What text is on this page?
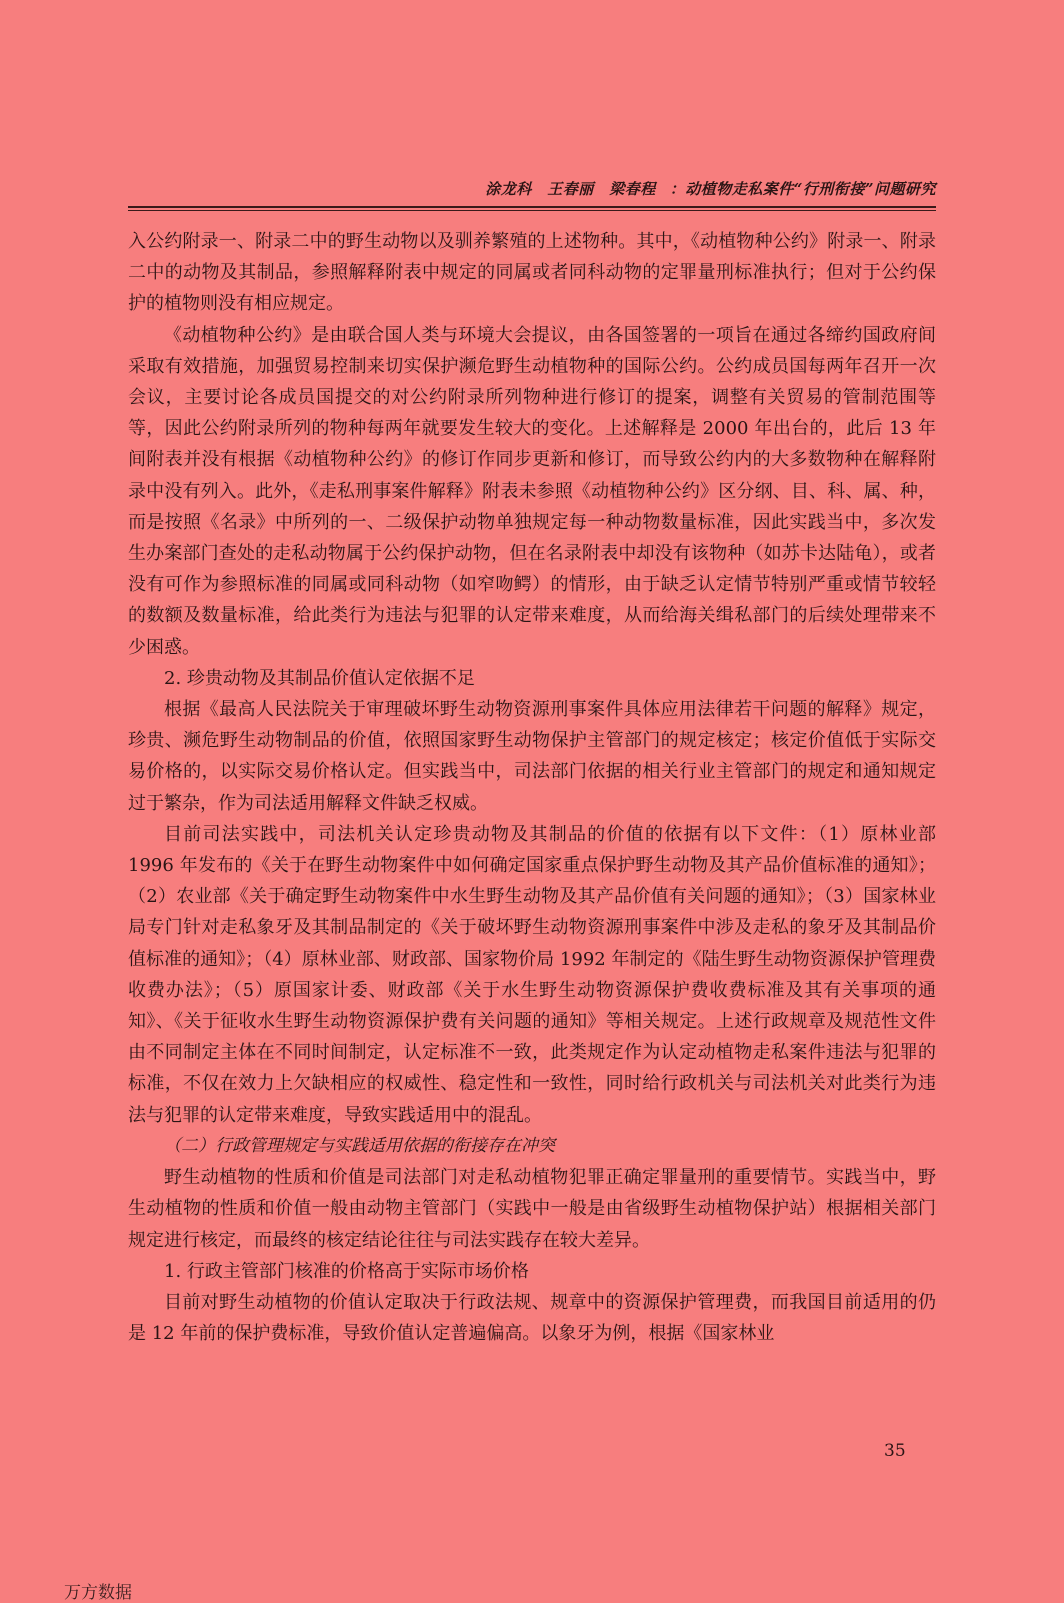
涂龙科　王春丽　梁春程 ：动植物走私案件“行刑衔接”问题研究

入公约附录一、附录二中的野生动物以及驯养繁殖的上述物种。其中，《动植物种公约》附录一、附录二中的动物及其制品，参照解释附表中规定的同属或者同科动物的定罪量刑标准执行；但对于公约保护的植物则没有相应规定。

《动植物种公约》是由联合国人类与环境大会提议，由各国签署的一项旨在通过各缔约国政府间采取有效措施，加强贸易控制来切实保护濒危野生动植物种的国际公约。公约成员国每两年召开一次会议，主要讨论各成员国提交的对公约附录所列物种进行修订的提案，调整有关贸易的管制范围等等，因此公约附录所列的物种每两年就要发生较大的变化。上述解释是 2000 年出台的，此后 13 年间附表并没有根据《动植物种公约》的修订作同步更新和修订，而导致公约内的大多数物种在解释附录中没有列入。此外，《走私刑事案件解释》附表未参照《动植物种公约》区分纲、目、科、属、种，而是按照《名录》中所列的一、二级保护动物单独规定每一种动物数量标准，因此实践当中，多次发生办案部门查处的走私动物属于公约保护动物，但在名录附表中却没有该物种（如苏卡达陆龟），或者没有可作为参照标准的同属或同科动物（如窄吻鳄）的情形，由于缺乏认定情节特别严重或情节较轻的数额及数量标准，给此类行为违法与犯罪的认定带来难度，从而给海关缉私部门的后续处理带来不少困惑。

2. 珍贵动物及其制品价值认定依据不足

根据《最高人民法院关于审理破坏野生动物资源刑事案件具体应用法律若干问题的解释》规定，珍贵、濒危野生动物制品的价值，依照国家野生动物保护主管部门的规定核定；核定价值低于实际交易价格的，以实际交易价格认定。但实践当中，司法部门依据的相关行业主管部门的规定和通知规定过于繁杂，作为司法适用解释文件缺乏权威。

目前司法实践中，司法机关认定珍贵动物及其制品的价值的依据有以下文件：（1）原林业部 1996 年发布的《关于在野生动物案件中如何确定国家重点保护野生动物及其产品价值标准的通知》；（2）农业部《关于确定野生动物案件中水生野生动物及其产品价值有关问题的通知》；（3）国家林业局专门针对走私象牙及其制品制定的《关于破坏野生动物资源刑事案件中涉及走私的象牙及其制品价值标准的通知》；（4）原林业部、财政部、国家物价局 1992 年制定的《陆生野生动物资源保护管理费收费办法》；（5）原国家计委、财政部《关于水生野生动物资源保护费收费标准及其有关事项的通知》、《关于征收水生野生动物资源保护费有关问题的通知》等相关规定。上述行政规章及规范性文件由不同制定主体在不同时间制定，认定标准不一致，此类规定作为认定动植物走私案件违法与犯罪的标准，不仅在效力上欠缺相应的权威性、稳定性和一致性，同时给行政机关与司法机关对此类行为违法与犯罪的认定带来难度，导致实践适用中的混乱。

（二）行政管理规定与实践适用依据的衔接存在冲突

野生动植物的性质和价值是司法部门对走私动植物犯罪正确定罪量刑的重要情节。实践当中，野生动植物的性质和价值一般由动物主管部门（实践中一般是由省级野生动植物保护站）根据相关部门规定进行核定，而最终的核定结论往往与司法实践存在较大差异。

1. 行政主管部门核准的价格高于实际市场价格

目前对野生动植物的价值认定取决于行政法规、规章中的资源保护管理费，而我国目前适用的仍是 12 年前的保护费标准，导致价值认定普遍偏高。以象牙为例，根据《国家林业

35
万方数据
